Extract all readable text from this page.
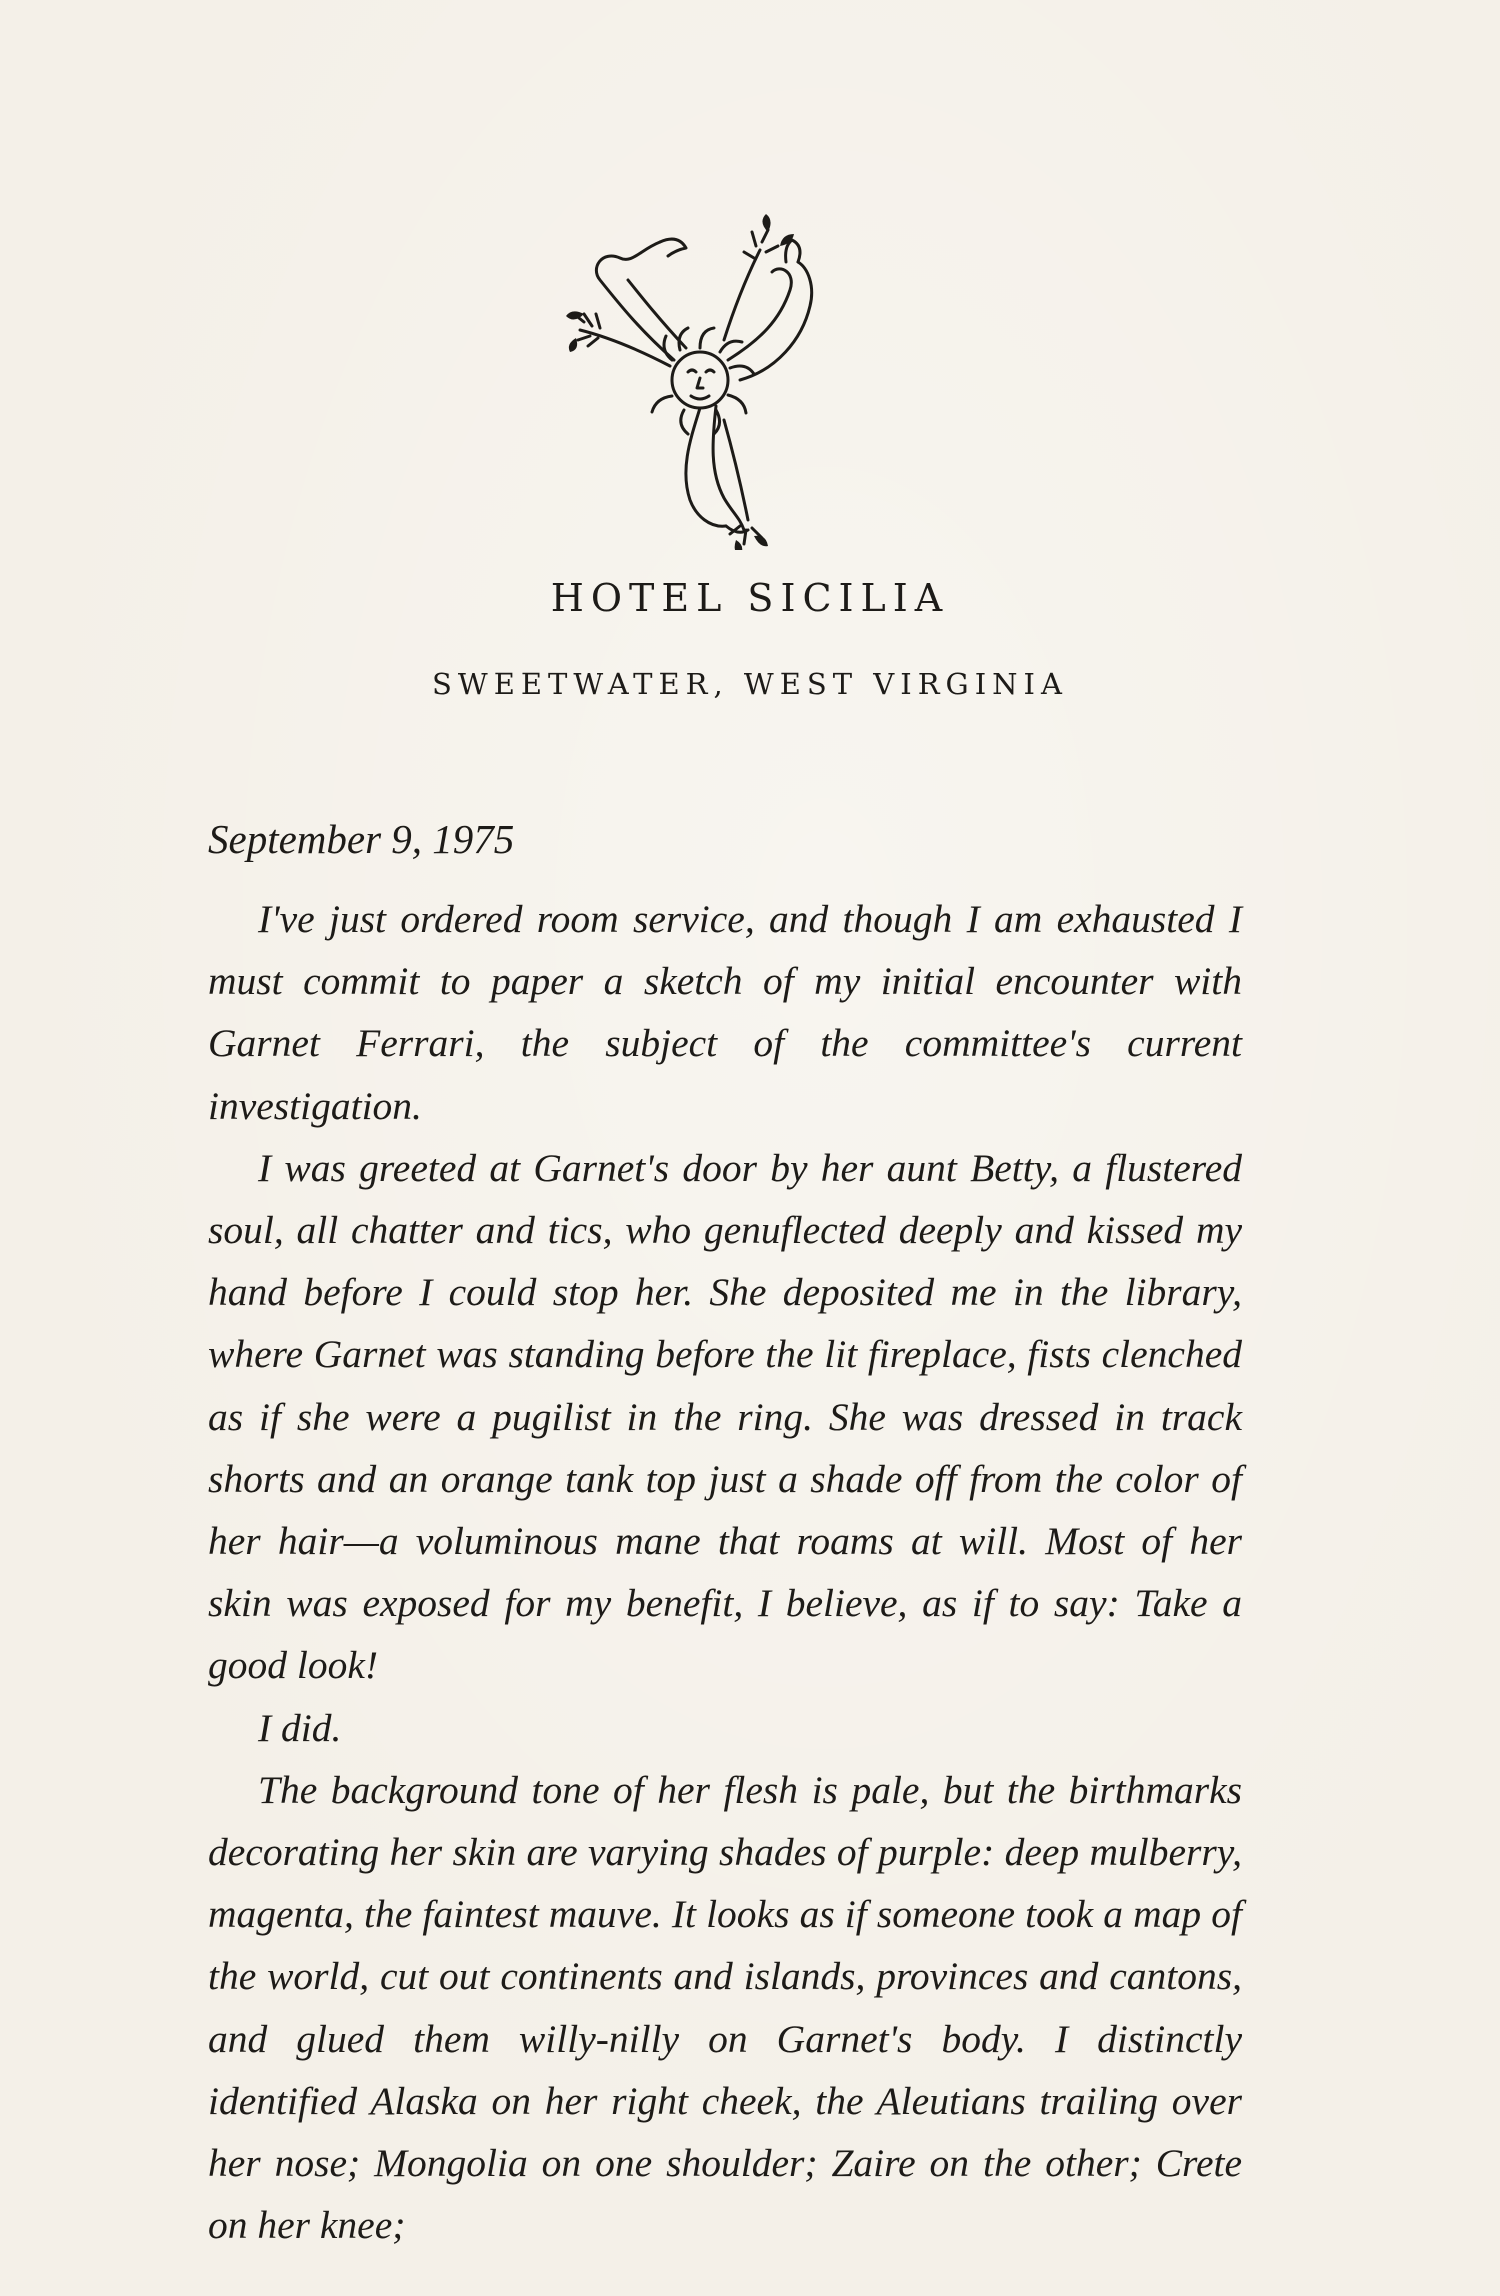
HOTEL SICILIA
SWEETWATER, WEST VIRGINIA

September 9, 1975

I've just ordered room service, and though I am exhausted I must commit to paper a sketch of my initial encounter with Garnet Ferrari, the subject of the committee's current investigation.

I was greeted at Garnet's door by her aunt Betty, a flustered soul, all chatter and tics, who genuflected deeply and kissed my hand before I could stop her. She deposited me in the library, where Garnet was standing before the lit fireplace, fists clenched as if she were a pugilist in the ring. She was dressed in track shorts and an orange tank top just a shade off from the color of her hair—a voluminous mane that roams at will. Most of her skin was exposed for my benefit, I believe, as if to say: Take a good look!

I did.

The background tone of her flesh is pale, but the birthmarks decorating her skin are varying shades of purple: deep mulberry, magenta, the faintest mauve. It looks as if someone took a map of the world, cut out continents and islands, provinces and cantons, and glued them willy-nilly on Garnet's body. I distinctly identified Alaska on her right cheek, the Aleutians trailing over her nose; Mongolia on one shoulder; Zaire on the other; Crete on her knee;
